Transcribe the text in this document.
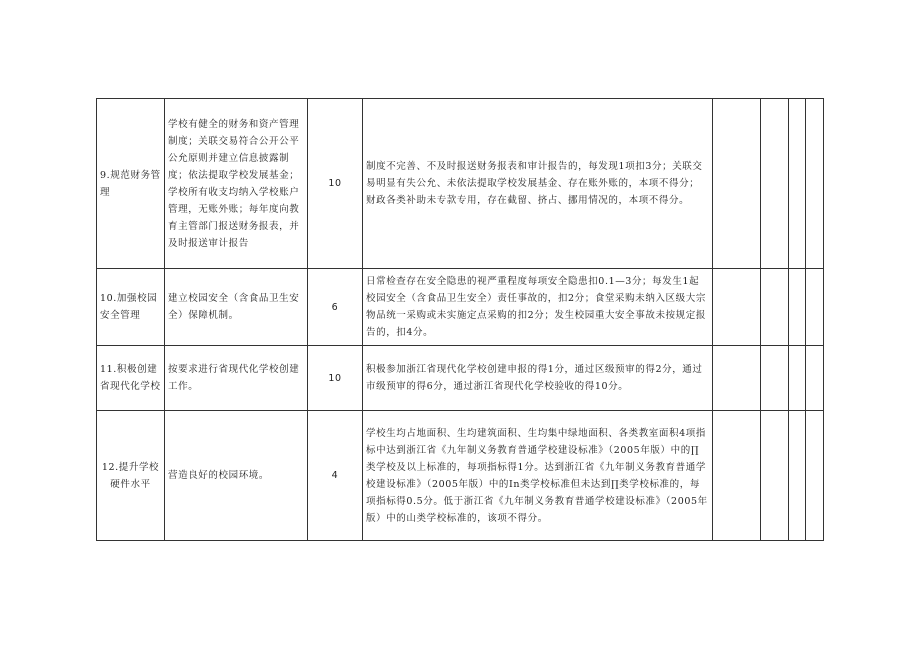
9.规范财务管理	学校有健全的财务和资产管理制度；关联交易符合公开公平公允原则并建立信息披露制度；依法提取学校发展基金；学校所有收支均纳入学校账户管理，无账外账；每年度向教育主管部门报送财务报表，并及时报送审计报告	10	制度不完善、不及时报送财务报表和审计报告的，每发现1项扣3分；关联交易明显有失公允、未依法提取学校发展基金、存在账外账的，本项不得分；财政各类补助未专款专用，存在截留、挤占、挪用情况的，本项不得分。				
10.加强校园安全管理	建立校园安全（含食品卫生安全）保障机制。	6	日常检查存在安全隐患的视严重程度每项安全隐患扣0.1—3分；每发生1起校园安全（含食品卫生安全）责任事故的，扣2分；食堂采购未纳入区级大宗物品统一采购或未实施定点采购的扣2分；发生校园重大安全事故未按规定报告的，扣4分。				
11.积极创建省现代化学校	按要求进行省现代化学校创建工作。	10	积极参加浙江省现代化学校创建申报的得1分，通过区级预审的得2分，通过市级预审的得6分，通过浙江省现代化学校验收的得10分。				
12.提升学校硬件水平	营造良好的校园环境。	4	学校生均占地面积、生均建筑面积、生均集中绿地面积、各类教室面积4项指标中达到浙江省《九年制义务教育普通学校建设标准》（2005年版）中的∏类学校及以上标准的，每项指标得1分。达到浙江省《九年制义务教育普通学校建设标准》（2005年版）中的In类学校标准但未达到∏类学校标准的，每项指标得0.5分。低于浙江省《九年制义务教育普通学校建设标准》（2005年版）中的山类学校标准的，该项不得分。				
